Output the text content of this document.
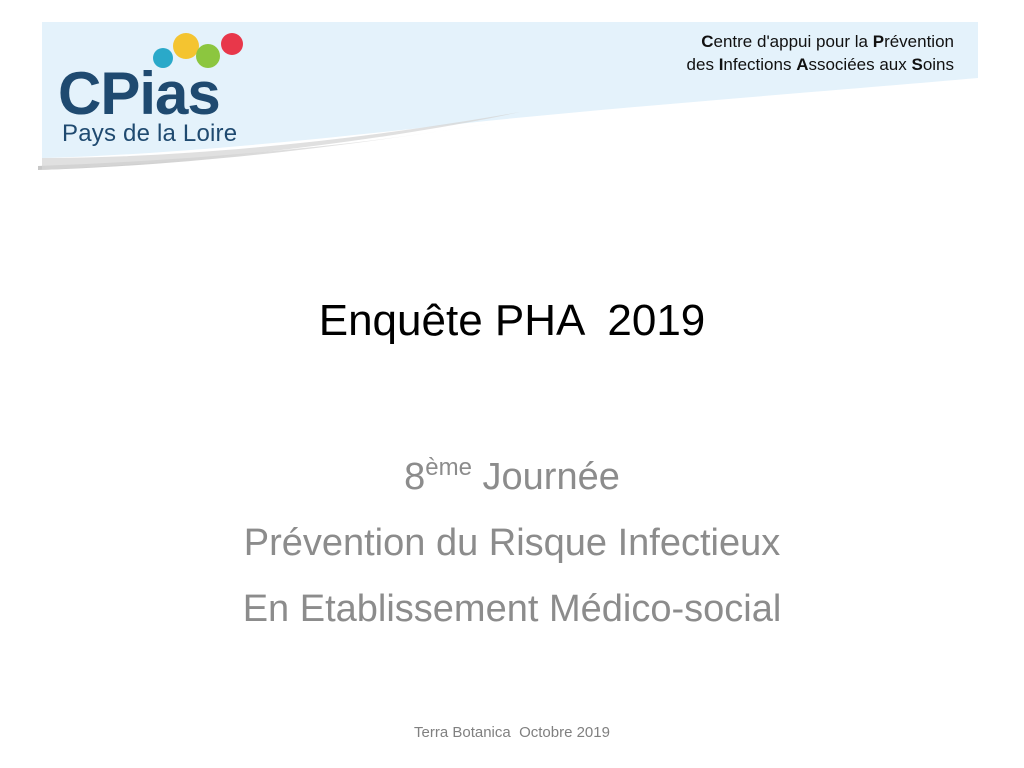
CPias
Pays de la Loire
Centre d'appui pour la Prévention
des Infections Associées aux Soins
Enquête PHA  2019
8ème Journée
Prévention du Risque Infectieux
En Etablissement Médico-social
Terra Botanica  Octobre 2019
